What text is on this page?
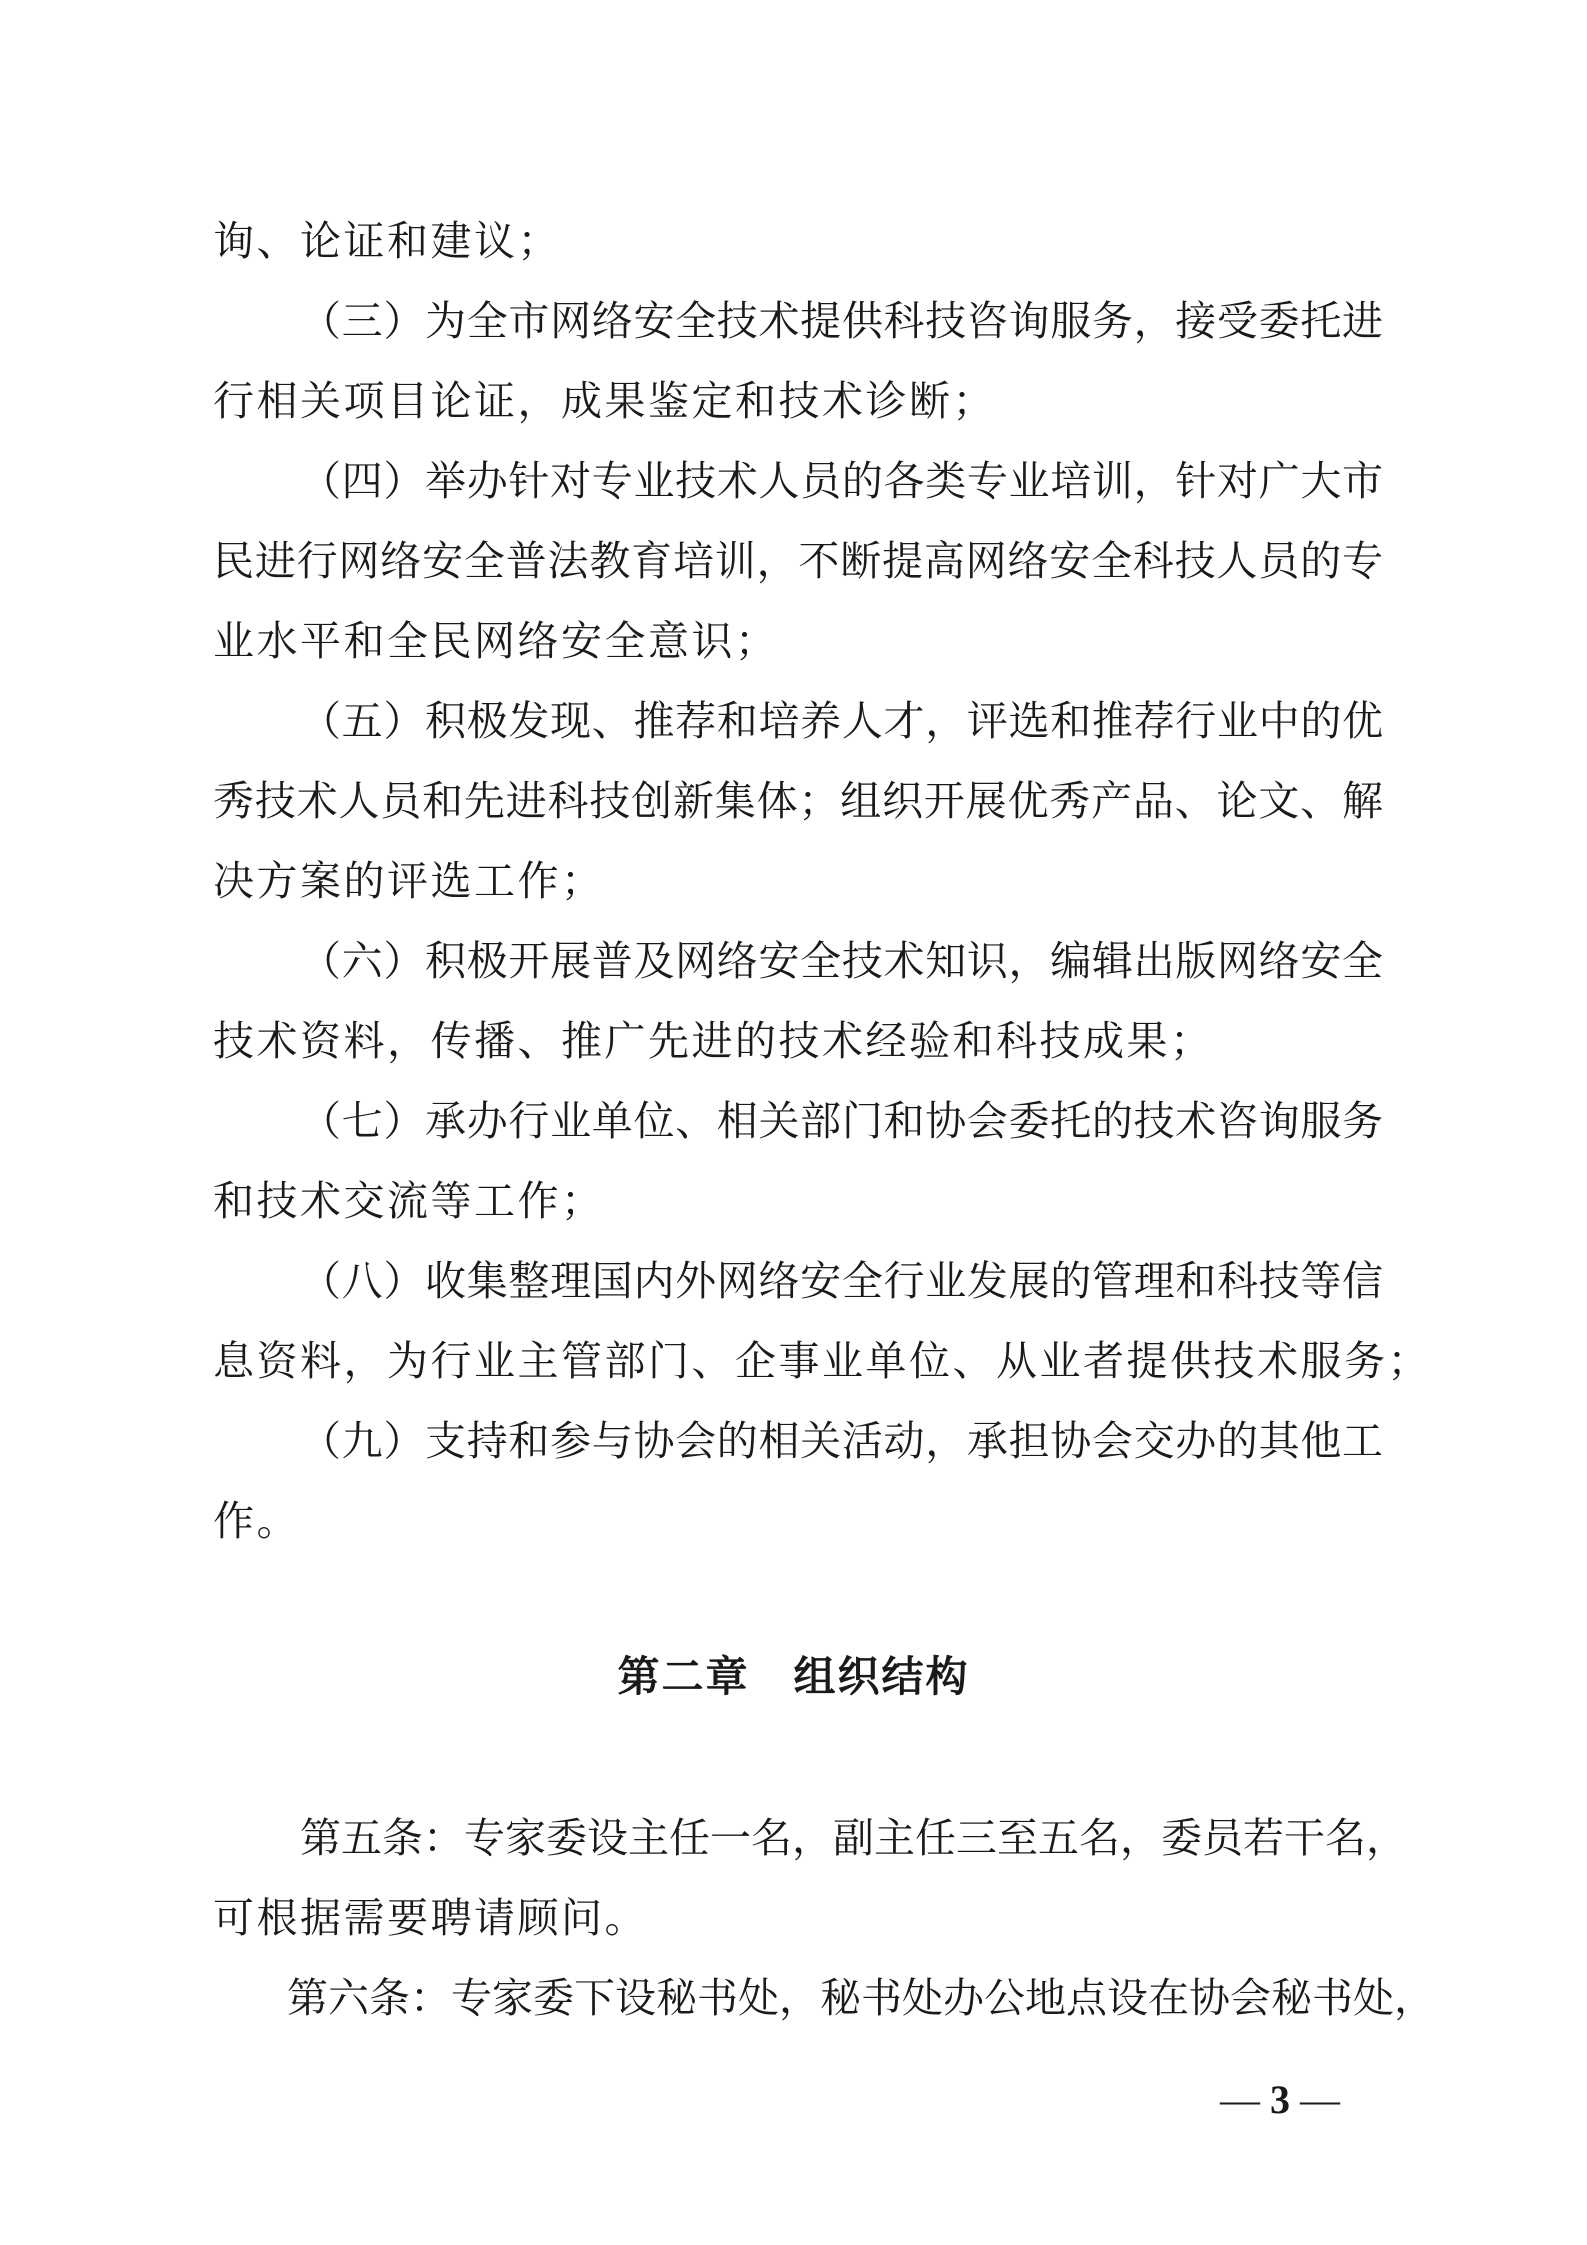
询、论证和建议；
（三）为全市网络安全技术提供科技咨询服务，接受委托进
行相关项目论证，成果鉴定和技术诊断；
（四）举办针对专业技术人员的各类专业培训，针对广大市
民进行网络安全普法教育培训，不断提高网络安全科技人员的专
业水平和全民网络安全意识；
（五）积极发现、推荐和培养人才，评选和推荐行业中的优
秀技术人员和先进科技创新集体；组织开展优秀产品、论文、解
决方案的评选工作；
（六）积极开展普及网络安全技术知识，编辑出版网络安全
技术资料，传播、推广先进的技术经验和科技成果；
（七）承办行业单位、相关部门和协会委托的技术咨询服务
和技术交流等工作；
（八）收集整理国内外网络安全行业发展的管理和科技等信
息资料，为行业主管部门、企事业单位、从业者提供技术服务；
（九）支持和参与协会的相关活动，承担协会交办的其他工
作。
第二章　组织结构
第五条：专家委设主任一名，副主任三至五名，委员若干名，
可根据需要聘请顾问。
第六条：专家委下设秘书处，秘书处办公地点设在协会秘书处，
— 3 —
